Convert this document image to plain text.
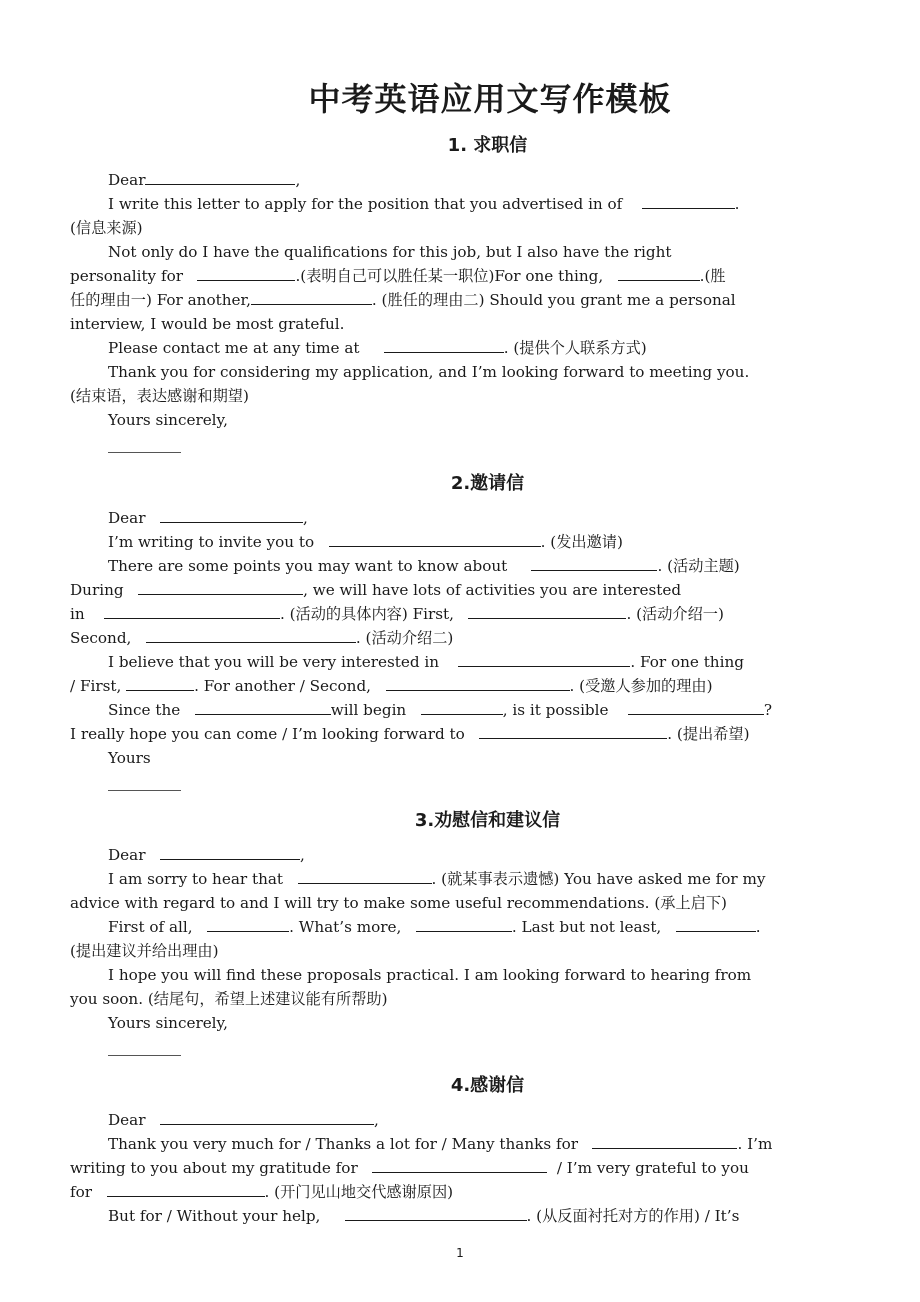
中考英语应用文写作模板
1. 求职信
Dear	,
I write this letter to apply for the position that you advertised in of	.
(信息来源)
Not only do I have the qualifications for this job, but I also have the right
personality for	.(表明自己可以胜任某一职位)For one thing,	.(胜
任的理由一) For another,	. (胜任的理由二) Should you grant me a personal
interview, I would be most grateful.
Please contact me at any time at	. (提供个人联系方式)
Thank you for considering my application, and I’m looking forward to meeting you.
(结束语，表达感谢和期望)
Yours sincerely,
2.邀请信
Dear	,
I’m writing to invite you to	. (发出邀请)
There are some points you may want to know about	. (活动主题)
During	, we will have lots of activities you are interested
in	. (活动的具体内容) First,	. (活动介绍一)
Second,	. (活动介绍二)
I believe that you will be very interested in	. For one thing
/ First,	. For another / Second,	. (受邀人参加的理由)
Since the	will begin	, is it possible	?
I really hope you can come / I’m looking forward to	. (提出希望)
Yours
3.劝慰信和建议信
Dear	,
I am sorry to hear that	. (就某事表示遗憾) You have asked me for my
advice with regard to and I will try to make some useful recommendations. (承上启下)
First of all,	. What’s more,	. Last but not least,	.
(提出建议并给出理由)
I hope you will find these proposals practical. I am looking forward to hearing from
you soon. (结尾句，希望上述建议能有所帮助)
Yours sincerely,
4.感谢信
Dear	,
Thank you very much for / Thanks a lot for / Many thanks for	. I’m
writing to you about my gratitude for	/ I’m very grateful to you
for	. (开门见山地交代感谢原因)
But for / Without your help,	. (从反面衬托对方的作用) / It’s
1
